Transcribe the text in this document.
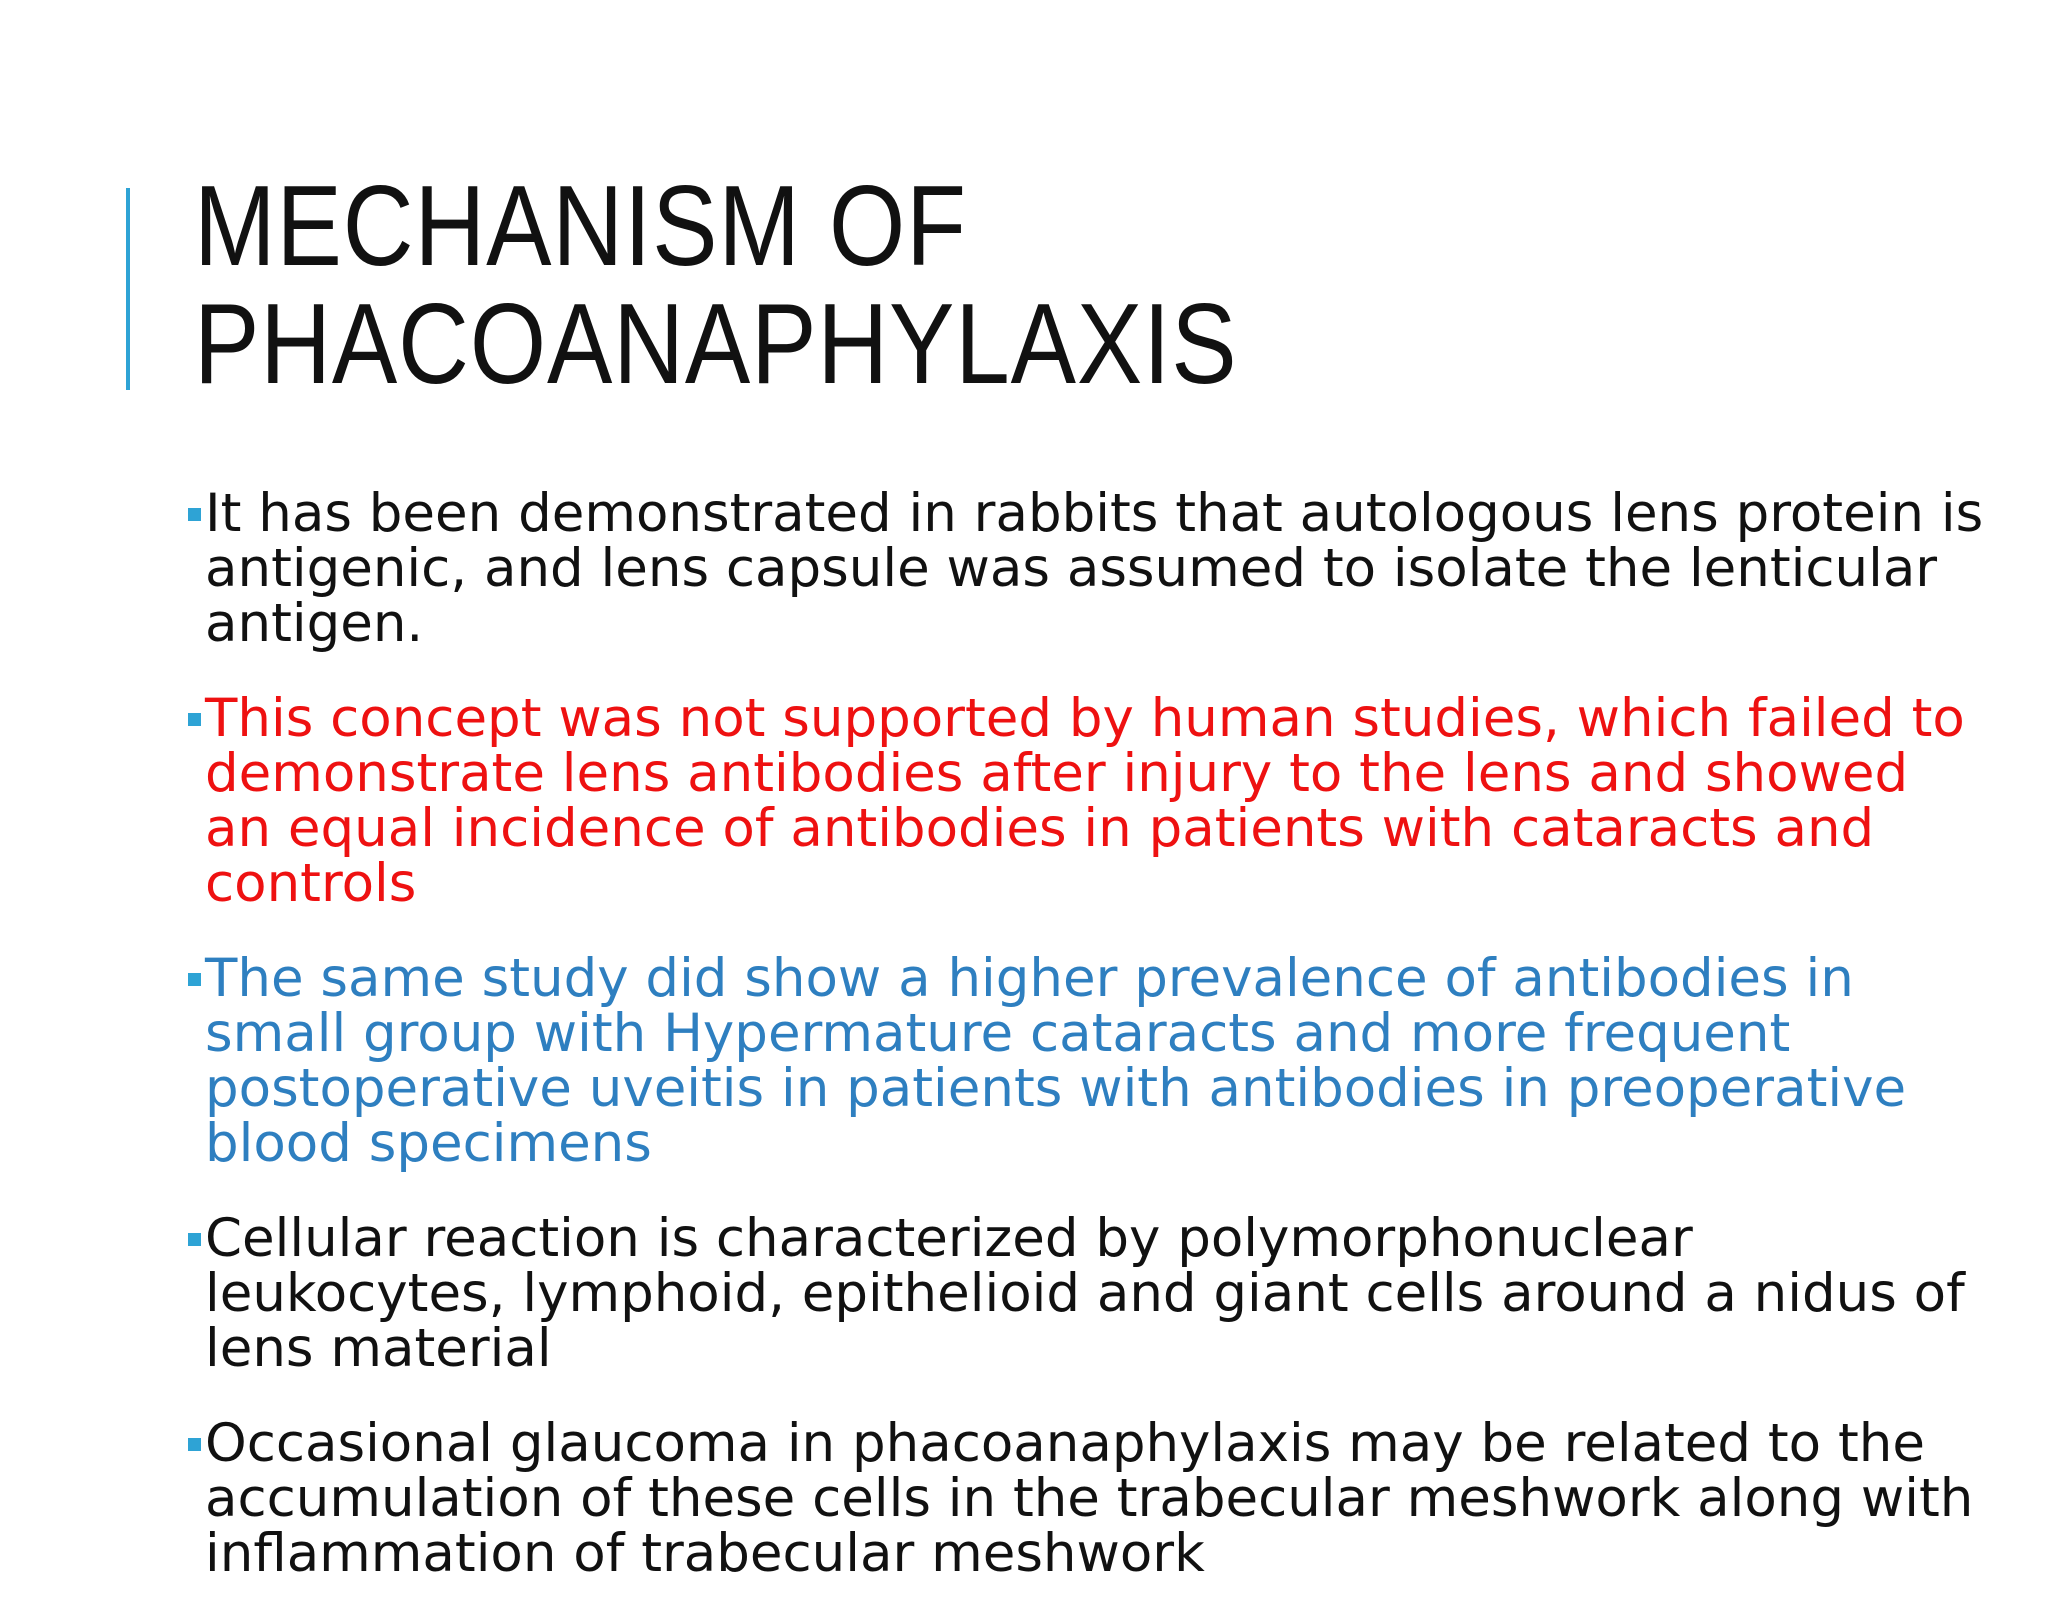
MECHANISM OF
PHACOANAPHYLAXIS
It has been demonstrated in rabbits that autologous lens protein is antigenic, and lens capsule was assumed to isolate the lenticular antigen.
This concept was not supported by human studies, which failed to demonstrate lens antibodies after injury to the lens and showed an equal incidence of antibodies in patients with cataracts and controls
The same study did show a higher prevalence of antibodies in small group with Hypermature cataracts and more frequent postoperative uveitis in patients with antibodies in preoperative blood specimens
Cellular reaction is characterized by polymorphonuclear leukocytes, lymphoid, epithelioid and giant cells around a nidus of lens material
Occasional glaucoma in phacoanaphylaxis may be related to the accumulation of these cells in the trabecular meshwork along with inflammation of trabecular meshwork
